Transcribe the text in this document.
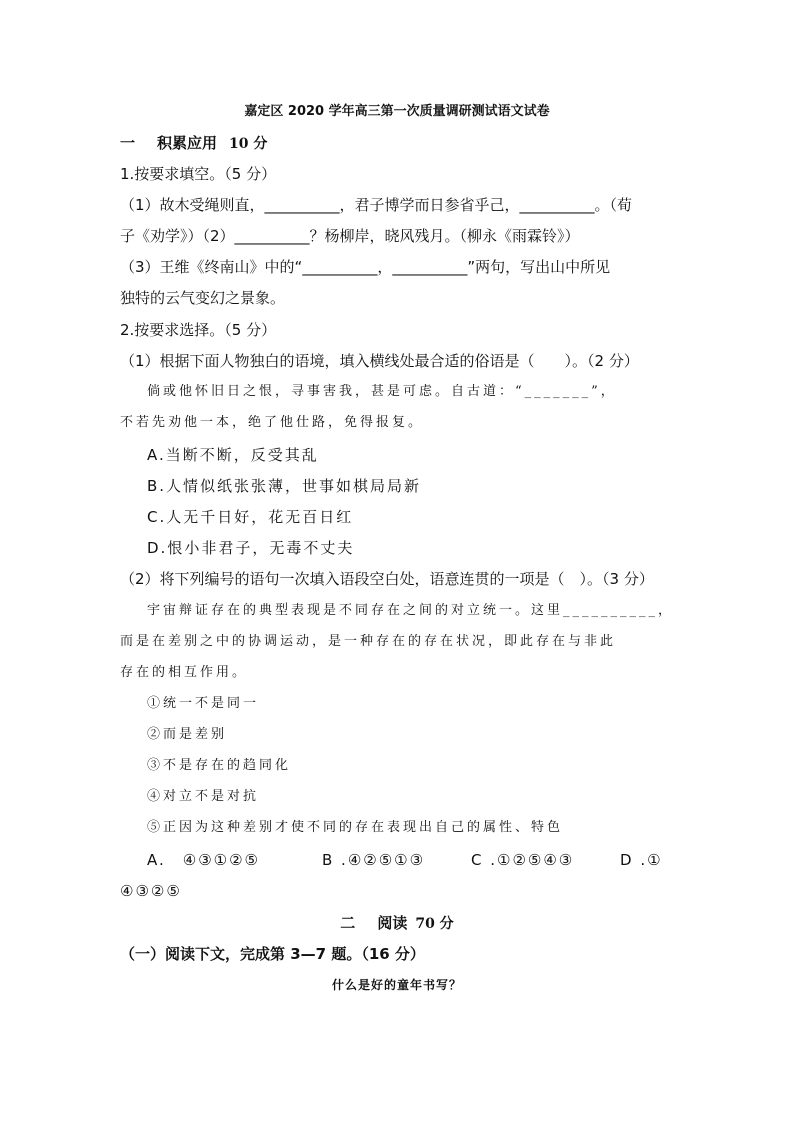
嘉定区 2020 学年高三第一次质量调研测试语文试卷
一 积累应用 10 分
1.按要求填空。（5 分）
（1）故木受绳则直，__________，君子博学而日参省乎己，__________。（荀
子《劝学》）（2）__________？杨柳岸，晓风残月。（柳永《雨霖铃》）
（3）王维《终南山》中的“__________，__________”两句，写出山中所见
独特的云气变幻之景象。
2.按要求选择。（5 分）
（1）根据下面人物独白的语境，填入横线处最合适的俗语是（　　）。（2 分）
倘或他怀旧日之恨，寻事害我，甚是可虑。自古道：“_______”，
不若先劝他一本，绝了他仕路，免得报复。
A.当断不断，反受其乱
B.人情似纸张张薄，世事如棋局局新
C.人无千日好，花无百日红
D.恨小非君子，无毒不丈夫
（2）将下列编号的语句一次填入语段空白处，语意连贯的一项是（　）。（3 分）
宇宙辩证存在的典型表现是不同存在之间的对立统一。这里__________，
而是在差别之中的协调运动，是一种存在的存在状况，即此存在与非此
存在的相互作用。
①统一不是同一
②而是差别
③不是存在的趋同化
④对立不是对抗
⑤正因为这种差别才使不同的存在表现出自己的属性、特色
A.　④③①②⑤	B .④②⑤①③	C .①②⑤④③	D .①
④③②⑤
二 阅读 70 分
（一）阅读下文，完成第 3—7 题。（16 分）
什么是好的童年书写？
